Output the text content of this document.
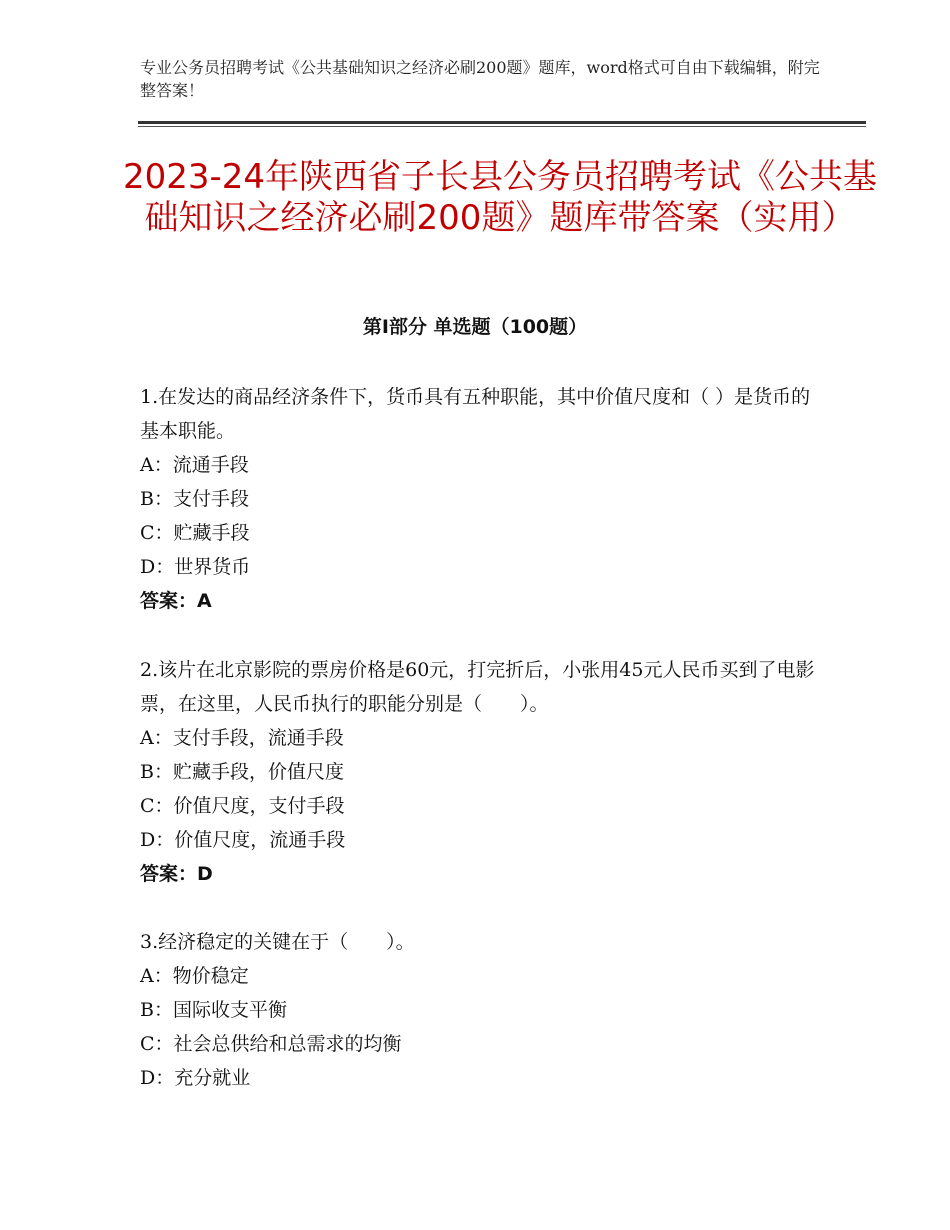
专业公务员招聘考试《公共基础知识之经济必刷200题》题库，word格式可自由下载编辑，附完整答案！
2023-24年陕西省子长县公务员招聘考试《公共基础知识之经济必刷200题》题库带答案（实用）
第Ⅰ部分 单选题（100题）

1.在发达的商品经济条件下，货币具有五种职能，其中价值尺度和（ ）是货币的基本职能。

A：流通手段

B：支付手段

C：贮藏手段

D：世界货币

答案：A

2.该片在北京影院的票房价格是60元，打完折后，小张用45元人民币买到了电影票，在这里，人民币执行的职能分别是（　　）。

A：支付手段，流通手段

B：贮藏手段，价值尺度

C：价值尺度，支付手段

D：价值尺度，流通手段

答案：D

3.经济稳定的关键在于（　　）。

A：物价稳定

B：国际收支平衡

C：社会总供给和总需求的均衡

D：充分就业
